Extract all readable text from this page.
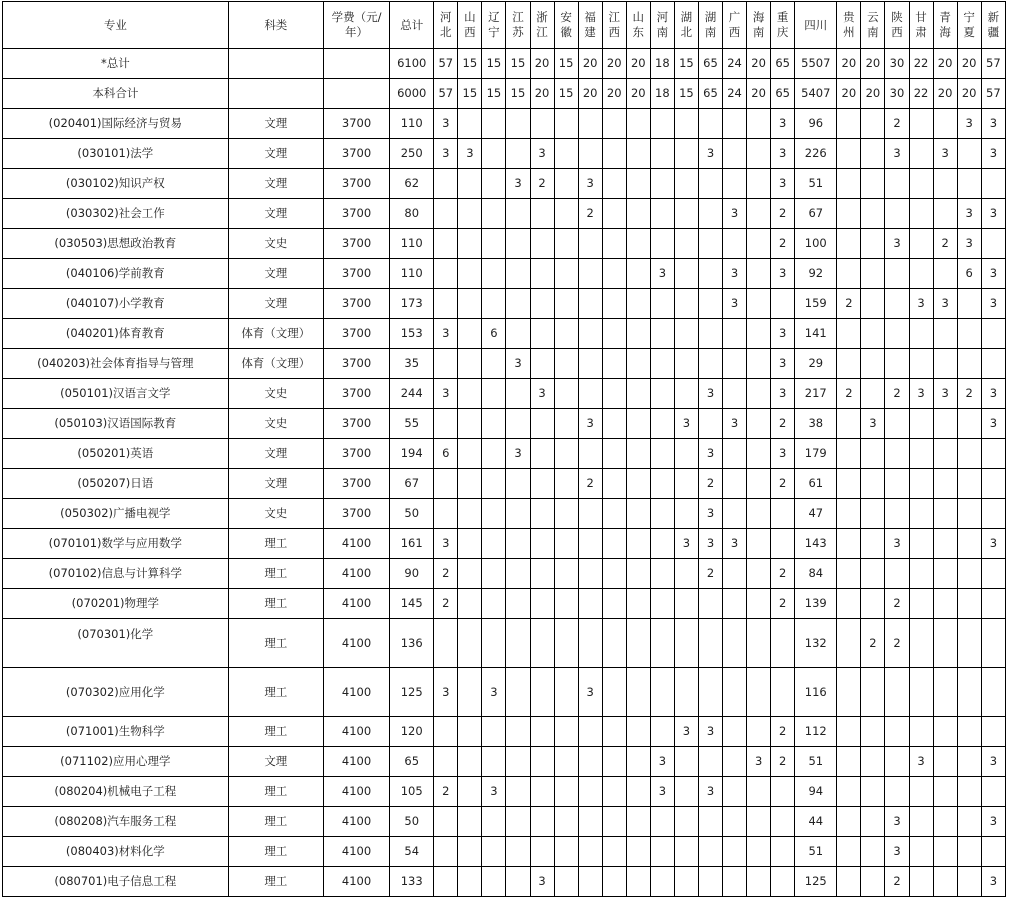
专业	科类	学费（元/年）	总计	河北	山西	辽宁	江苏	浙江	安徽	福建	江西	山东	河南	湖北	湖南	广西	海南	重庆	四川	贵州	云南	陕西	甘肃	青海	宁夏	新疆
*总计			6100	57	15	15	15	20	15	20	20	20	18	15	65	24	20	65	5507	20	20	30	22	20	20	57
本科合计			6000	57	15	15	15	20	15	20	20	20	18	15	65	24	20	65	5407	20	20	30	22	20	20	57
(020401)国际经济与贸易	文理	3700	110	3														3	96			2			3	3
(030101)法学	文理	3700	250	3	3			3							3			3	226			3		3		3
(030102)知识产权	文理	3700	62				3	2		3								3	51							
(030302)社会工作	文理	3700	80							2						3		2	67						3	3
(030503)思想政治教育	文史	3700	110															2	100			3		2	3	
(040106)学前教育	文理	3700	110										3			3		3	92						6	3
(040107)小学教育	文理	3700	173													3			159	2			3	3		3
(040201)体育教育	体育（文理）	3700	153	3		6												3	141							
(040203)社会体育指导与管理	体育（文理）	3700	35				3											3	29							
(050101)汉语言文学	文史	3700	244	3				3							3			3	217	2		2	3	3	2	3
(050103)汉语国际教育	文史	3700	55							3				3		3		2	38		3					3
(050201)英语	文理	3700	194	6			3								3			3	179							
(050207)日语	文理	3700	67							2					2			2	61							
(050302)广播电视学	文史	3700	50												3				47							
(070101)数学与应用数学	理工	4100	161	3										3	3	3			143			3				3
(070102)信息与计算科学	理工	4100	90	2											2			2	84							
(070201)物理学	理工	4100	145	2														2	139			2				
(070301)化学	理工	4100	136																132		2	2				
(070302)应用化学	理工	4100	125	3		3				3									116							
(071001)生物科学	理工	4100	120											3	3			2	112							
(071102)应用心理学	文理	4100	65										3				3	2	51				3			3
(080204)机械电子工程	理工	4100	105	2		3							3		3				94							
(080208)汽车服务工程	理工	4100	50																44			3				3
(080403)材料化学	理工	4100	54																51			3				
(080701)电子信息工程	理工	4100	133					3											125			2				3
